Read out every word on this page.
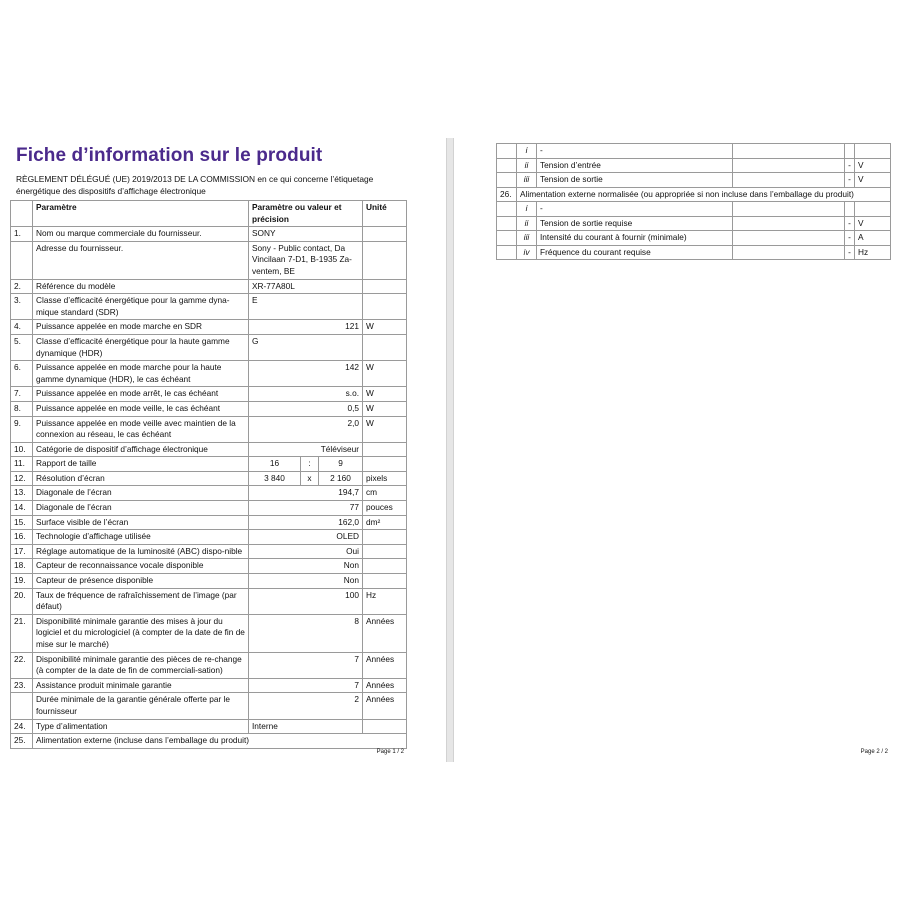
Fiche d’information sur le produit
RÈGLEMENT DÉLÉGUÉ (UE) 2019/2013 DE LA COMMISSION en ce qui concerne l’étiquetage énergétique des dispositifs d’affichage électronique
	Paramètre	Paramètre ou valeur et précision			Unité
1.	Nom ou marque commerciale du fournisseur.	SONY			
	Adresse du fournisseur.	Sony - Public contact, Da Vincilaan 7-D1, B-1935 Za-ventem, BE			
2.	Référence du modèle	XR-77A80L			
3.	Classe d’efficacité énergétique pour la gamme dyna-mique standard (SDR)	E			
4.	Puissance appelée en mode marche en SDR	121			W
5.	Classe d’efficacité énergétique pour la haute gamme dynamique (HDR)	G			
6.	Puissance appelée en mode marche pour la haute gamme dynamique (HDR), le cas échéant	142			W
7.	Puissance appelée en mode arrêt, le cas échéant	s.o.			W
8.	Puissance appelée en mode veille, le cas échéant	0,5			W
9.	Puissance appelée en mode veille avec maintien de la connexion au réseau, le cas échéant	2,0			W
10.	Catégorie de dispositif d’affichage électronique	Téléviseur			
11.	Rapport de taille	16	:	9	
12.	Résolution d’écran	3 840	x	2 160	pixels
13.	Diagonale de l’écran	194,7			cm
14.	Diagonale de l’écran	77			pouces
15.	Surface visible de l’écran	162,0			dm²
16.	Technologie d’affichage utilisée	OLED			
17.	Réglage automatique de la luminosité (ABC) dispo-nible	Oui			
18.	Capteur de reconnaissance vocale disponible	Non			
19.	Capteur de présence disponible	Non			
20.	Taux de fréquence de rafraîchissement de l’image (par défaut)	100			Hz
21.	Disponibilité minimale garantie des mises à jour du logiciel et du micrologiciel (à compter de la date de fin de mise sur le marché)	8			Années
22.	Disponibilité minimale garantie des pièces de re-change (à compter de la date de fin de commerciali-sation)	7			Années
23.	Assistance produit minimale garantie	7			Années
	Durée minimale de la garantie générale offerte par le fournisseur	2			Années
24.	Type d’alimentation	Interne			
25.	Alimentation externe (incluse dans l’emballage du produit)				
Page 1 / 2
	i	-			
	ii	Tension d’entrée		-	V
	iii	Tension de sortie		-	V
26.	Alimentation externe normalisée (ou appropriée si non incluse dans l’emballage du produit)				
	i	-			
	ii	Tension de sortie requise		-	V
	iii	Intensité du courant à fournir (minimale)		-	A
	iv	Fréquence du courant requise		-	Hz
Page 2 / 2
